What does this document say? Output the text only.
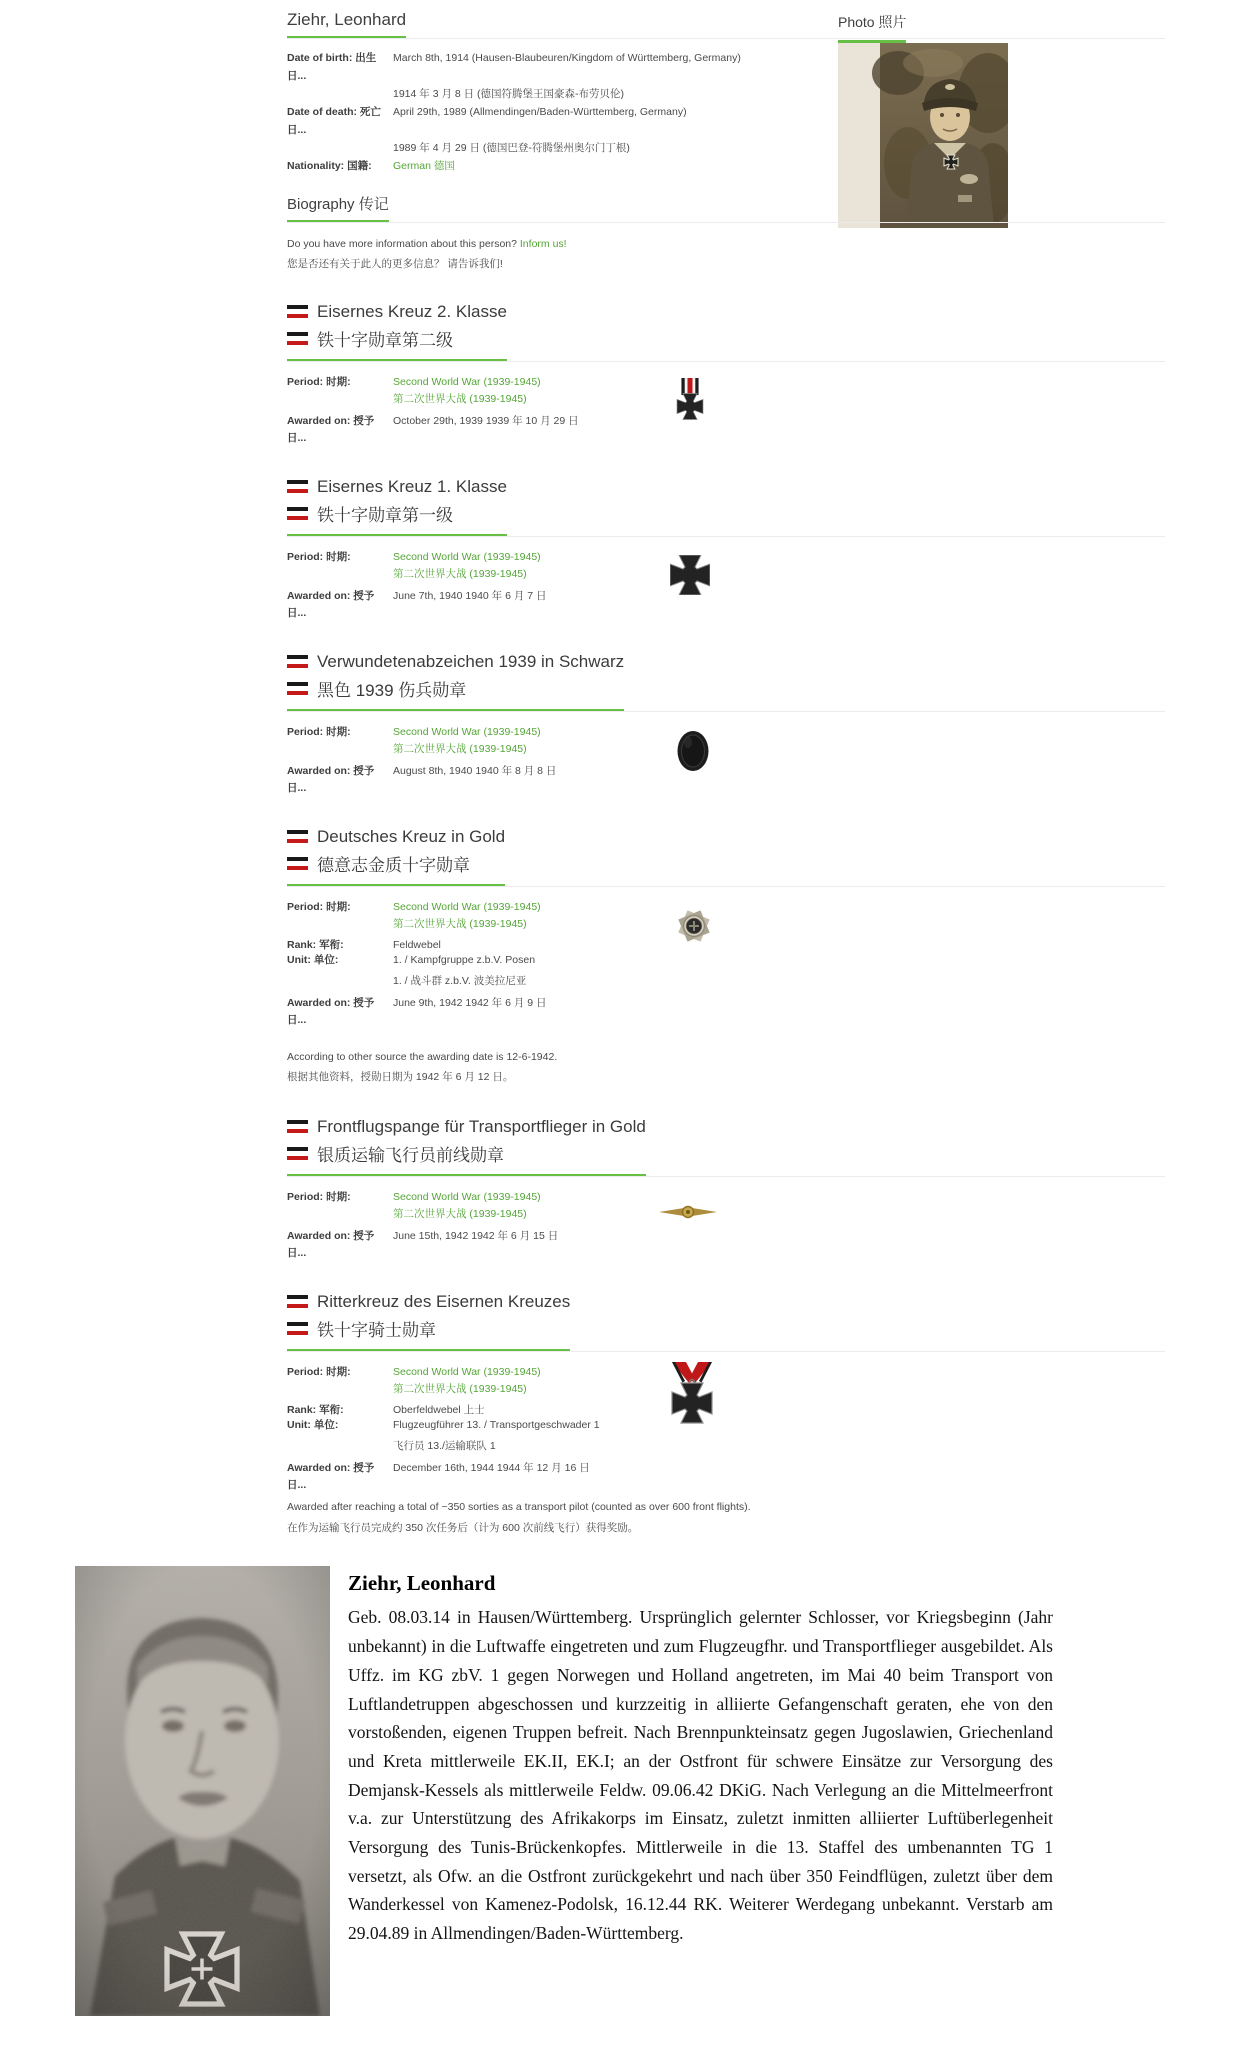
Ziehr, Leonhard	Photo 照片
Date of birth: 出生日...
March 8th, 1914 (Hausen-Blaubeuren/Kingdom of Württemberg, Germany)
1914 年 3 月 8 日 (德国符腾堡王国豪森-布劳贝伦)
Date of death: 死亡日...
April 29th, 1989 (Allmendingen/Baden-Württemberg, Germany)
1989 年 4 月 29 日 (德国巴登-符腾堡州奥尔门丁根)
Nationality: 国籍:	German 德国
Biography 传记
Do you have more information about this person? Inform us!
您是否还有关于此人的更多信息？ 请告诉我们!
Eisernes Kreuz 2. Klasse
铁十字勋章第二级
Period: 时期:	Second World War (1939-1945)
第二次世界大战 (1939-1945)
Awarded on: 授予日...
October 29th, 1939 1939 年 10 月 29 日
Eisernes Kreuz 1. Klasse
铁十字勋章第一级
Period: 时期:	Second World War (1939-1945)
第二次世界大战 (1939-1945)
Awarded on: 授予日...
June 7th, 1940 1940 年 6 月 7 日
Verwundetenabzeichen 1939 in Schwarz
黑色 1939 伤兵勋章
Period: 时期:	Second World War (1939-1945)
第二次世界大战 (1939-1945)
Awarded on: 授予日...
August 8th, 1940 1940 年 8 月 8 日
Deutsches Kreuz in Gold
德意志金质十字勋章
Period: 时期:	Second World War (1939-1945)
第二次世界大战 (1939-1945)
Rank: 军衔:	Feldwebel
Unit: 单位:	1. / Kampfgruppe z.b.V. Posen
1. / 战斗群 z.b.V. 波美拉尼亚
Awarded on: 授予日...
June 9th, 1942 1942 年 6 月 9 日
According to other source the awarding date is 12-6-1942.
根据其他资料，授勋日期为 1942 年 6 月 12 日。
Frontflugspange für Transportflieger in Gold
银质运输飞行员前线勋章
Period: 时期:	Second World War (1939-1945)
第二次世界大战 (1939-1945)
Awarded on: 授予日...
June 15th, 1942 1942 年 6 月 15 日
Ritterkreuz des Eisernen Kreuzes
铁十字骑士勋章
Period: 时期:	Second World War (1939-1945)
第二次世界大战 (1939-1945)
Rank: 军衔:	Oberfeldwebel 上士
Unit: 单位:	Flugzeugführer 13. / Transportgeschwader 1
飞行员 13./运输联队 1
Awarded on: 授予日...
December 16th, 1944 1944 年 12 月 16 日
Awarded after reaching a total of ~350 sorties as a transport pilot (counted as over 600 front flights).
在作为运输飞行员完成约 350 次任务后（计为 600 次前线飞行）获得奖励。
Ziehr, Leonhard
Geb. 08.03.14 in Hausen/Württemberg. Ursprünglich gelernter Schlosser, vor Kriegsbeginn (Jahr unbekannt) in die Luftwaffe eingetreten und zum Flugzeugfhr. und Transportflieger ausgebildet. Als Uffz. im KG zbV. 1 gegen Norwegen und Holland angetreten, im Mai 40 beim Transport von Luftlandetruppen abgeschossen und kurzzeitig in alliierte Gefangenschaft geraten, ehe von den vorstoßenden, eigenen Truppen befreit. Nach Brennpunkteinsatz gegen Jugoslawien, Griechenland und Kreta mittlerweile EK.II, EK.I; an der Ostfront für schwere Einsätze zur Versorgung des Demjansk-Kessels als mittlerweile Feldw. 09.06.42 DKiG. Nach Verlegung an die Mittelmeerfront v.a. zur Unterstützung des Afrikakorps im Einsatz, zuletzt inmitten alliierter Luftüberlegenheit Versorgung des Tunis-Brückenkopfes. Mittlerweile in die 13. Staffel des umbenannten TG 1 versetzt, als Ofw. an die Ostfront zurückgekehrt und nach über 350 Feindflügen, zuletzt über dem Wanderkessel von Kamenez-Podolsk, 16.12.44 RK. Weiterer Werdegang unbekannt. Verstarb am 29.04.89 in Allmendingen/Baden-Württemberg.
